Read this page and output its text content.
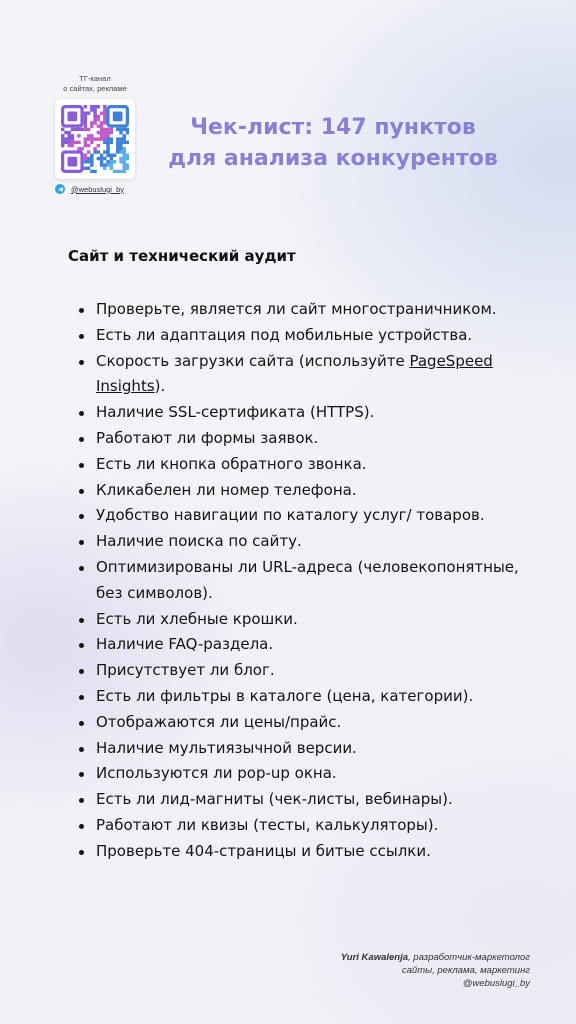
ТГ-канал
о сайтах, рекламе
@webuslugi_by
Чек-лист: 147 пунктов
для анализа конкурентов
Сайт и технический аудит
Проверьте, является ли сайт многостраничником.
Есть ли адаптация под мобильные устройства.
Скорость загрузки сайта (используйте PageSpeed Insights).
Наличие SSL-сертификата (HTTPS).
Работают ли формы заявок.
Есть ли кнопка обратного звонка.
Кликабелен ли номер телефона.
Удобство навигации по каталогу услуг/ товаров.
Наличие поиска по сайту.
Оптимизированы ли URL-адреса (человекопонятные, без символов).
Есть ли хлебные крошки.
Наличие FAQ-раздела.
Присутствует ли блог.
Есть ли фильтры в каталоге (цена, категории).
Отображаются ли цены/прайс.
Наличие мультиязычной версии.
Используются ли pop-up окна.
Есть ли лид-магниты (чек-листы, вебинары).
Работают ли квизы (тесты, калькуляторы).
Проверьте 404-страницы и битые ссылки.
Yuri Kawalenja, разработчик-маркетолог
сайты, реклама, маркетинг
@webuslugi_by
